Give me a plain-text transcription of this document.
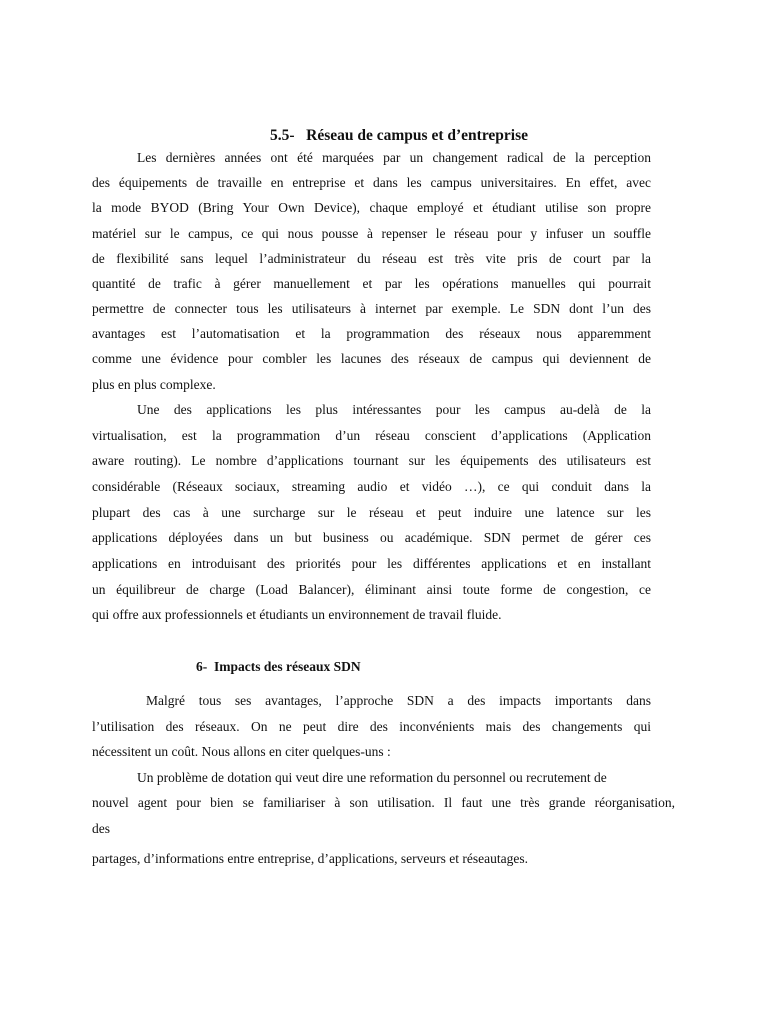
5.5-   Réseau de campus et d’entreprise
Les dernières années ont été marquées par un changement radical de la perception
des équipements de travaille en entreprise et dans les campus universitaires. En effet, avec
la mode BYOD (Bring Your Own Device), chaque employé et étudiant utilise son propre
matériel sur le campus, ce qui nous pousse à repenser le réseau pour y infuser un souffle
de flexibilité sans lequel l’administrateur du réseau est très vite pris de court par la
quantité de trafic à gérer manuellement et par les opérations manuelles qui pourrait
permettre de connecter tous les utilisateurs à internet par exemple. Le SDN dont l’un des
avantages est l’automatisation et la programmation des réseaux nous apparemment
comme une évidence pour combler les lacunes des réseaux de campus qui deviennent de
plus en plus complexe.
Une des applications les plus intéressantes pour les campus au-delà de la
virtualisation, est la programmation d’un réseau conscient d’applications (Application
aware routing). Le nombre d’applications tournant sur les équipements des utilisateurs est
considérable (Réseaux sociaux, streaming audio et vidéo …), ce qui conduit dans la
plupart des cas à une surcharge sur le réseau et peut induire une latence sur les
applications déployées dans un but business ou académique. SDN permet de gérer ces
applications en introduisant des priorités pour les différentes applications et en installant
un équilibreur de charge (Load Balancer), éliminant ainsi toute forme de congestion, ce
qui offre aux professionnels et étudiants un environnement de travail fluide.
6-  Impacts des réseaux SDN
Malgré tous ses avantages, l’approche SDN a des impacts importants dans
l’utilisation des réseaux. On ne peut dire des inconvénients mais des changements qui
nécessitent un coût. Nous allons en citer quelques-uns :
Un problème de dotation qui veut dire une reformation du personnel ou recrutement de
nouvel agent pour bien se familiariser à son utilisation. Il faut une très grande réorganisation,
des
partages, d’informations entre entreprise, d’applications, serveurs et réseautages.
